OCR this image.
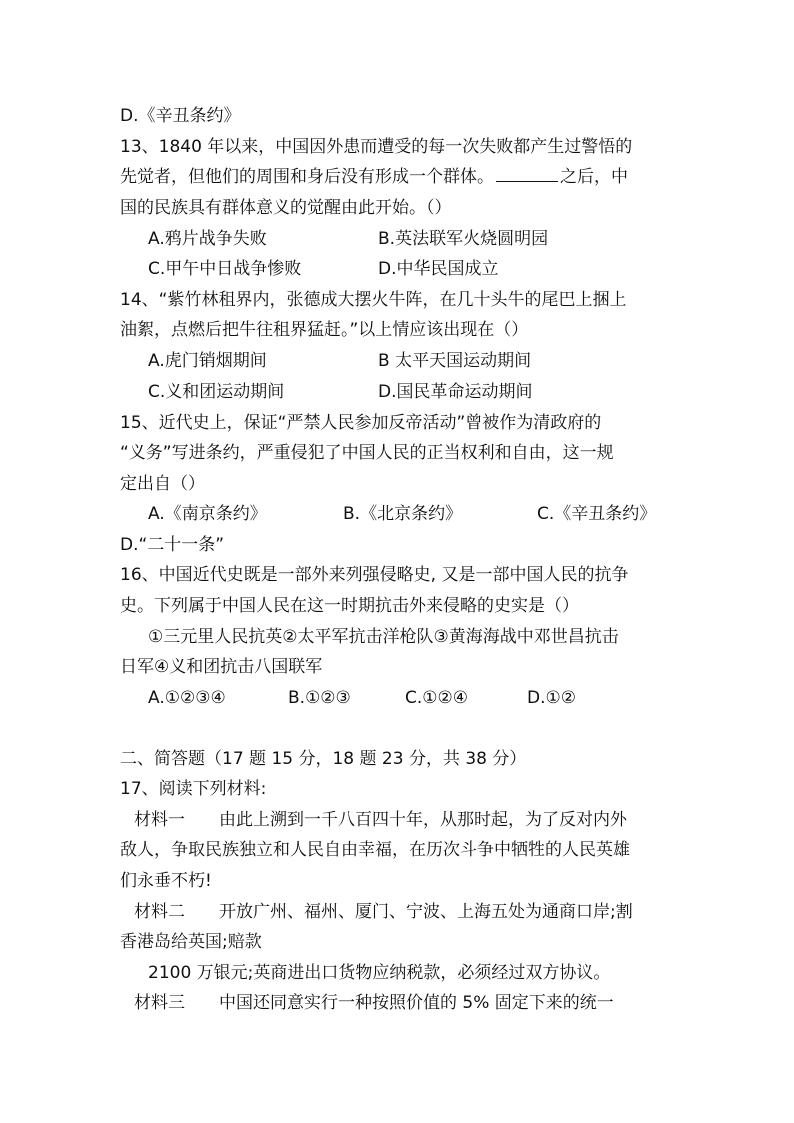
D.《辛丑条约》
13、1840 年以来，中国因外患而遭受的每一次失败都产生过警悟的
先觉者，但他们的周围和身后没有形成一个群体。	之后，中
国的民族具有群体意义的觉醒由此开始。（）
A.鸦片战争失败	B.英法联军火烧圆明园
C.甲午中日战争惨败	D.中华民国成立
14、“紫竹林租界内，张德成大摆火牛阵，在几十头牛的尾巴上捆上
油絮，点燃后把牛往租界猛赶。”以上情应该出现在（）
A.虎门销烟期间	B 太平天国运动期间
C.义和团运动期间	D.国民革命运动期间
15、近代史上，保证“严禁人民参加反帝活动”曾被作为清政府的
“义务”写进条约，严重侵犯了中国人民的正当权利和自由，这一规
定出自（）
A.《南京条约》	B.《北京条约》	C.《辛丑条约》
D.“二十一条”
16、中国近代史既是一部外来列强侵略史, 又是一部中国人民的抗争
史。下列属于中国人民在这一时期抗击外来侵略的史实是（）
①三元里人民抗英②太平军抗击洋枪队③黄海海战中邓世昌抗击
日军④义和团抗击八国联军
A.①②③④	B.①②③	C.①②④	D.①②
二、简答题（17 题 15 分，18 题 23 分，共 38 分）
17、阅读下列材料:
材料一　　由此上溯到一千八百四十年，从那时起，为了反对内外
敌人，争取民族独立和人民自由幸福，在历次斗争中牺牲的人民英雄
们永垂不朽!
材料二　　开放广州、福州、厦门、宁波、上海五处为通商口岸;割
香港岛给英国;赔款
2100 万银元;英商进出口货物应纳税款，必须经过双方协议。
材料三　　中国还同意实行一种按照价值的 5% 固定下来的统一
